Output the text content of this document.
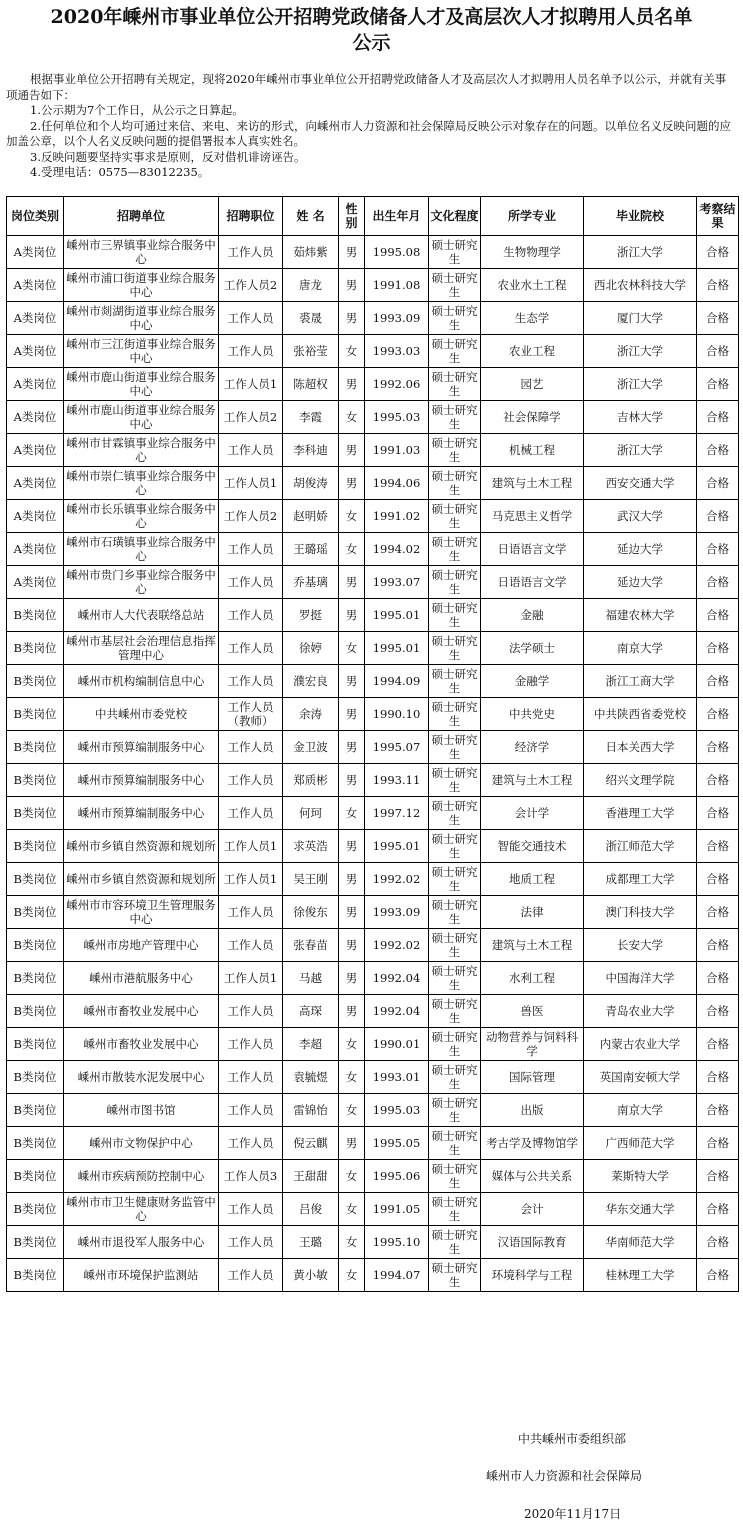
2020年嵊州市事业单位公开招聘党政储备人才及高层次人才拟聘用人员名单
公示

根据事业单位公开招聘有关规定，现将2020年嵊州市事业单位公开招聘党政储备人才及高层次人才拟聘用人员名单予以公示，并就有关事项通告如下：

1.公示期为7个工作日，从公示之日算起。

2.任何单位和个人均可通过来信、来电、来访的形式，向嵊州市人力资源和社会保障局反映公示对象存在的问题。以单位名义反映问题的应加盖公章，以个人名义反映问题的提倡署报本人真实姓名。

3.反映问题要坚持实事求是原则，反对借机诽谤诬告。

4.受理电话：0575—83012235。

岗位类别	招聘单位	招聘职位	姓 名	性别	出生年月	文化程度	所学专业	毕业院校	考察结果
A类岗位	嵊州市三界镇事业综合服务中心	工作人员	茹炜紫	男	1995.08	硕士研究生	生物物理学	浙江大学	合格
A类岗位	嵊州市浦口街道事业综合服务中心	工作人员2	唐龙	男	1991.08	硕士研究生	农业水土工程	西北农林科技大学	合格
A类岗位	嵊州市剡湖街道事业综合服务中心	工作人员	裘晟	男	1993.09	硕士研究生	生态学	厦门大学	合格
A类岗位	嵊州市三江街道事业综合服务中心	工作人员	张裕莹	女	1993.03	硕士研究生	农业工程	浙江大学	合格
A类岗位	嵊州市鹿山街道事业综合服务中心	工作人员1	陈超权	男	1992.06	硕士研究生	园艺	浙江大学	合格
A类岗位	嵊州市鹿山街道事业综合服务中心	工作人员2	李霞	女	1995.03	硕士研究生	社会保障学	吉林大学	合格
A类岗位	嵊州市甘霖镇事业综合服务中心	工作人员	李科迪	男	1991.03	硕士研究生	机械工程	浙江大学	合格
A类岗位	嵊州市崇仁镇事业综合服务中心	工作人员1	胡俊涛	男	1994.06	硕士研究生	建筑与土木工程	西安交通大学	合格
A类岗位	嵊州市长乐镇事业综合服务中心	工作人员2	赵明娇	女	1991.02	硕士研究生	马克思主义哲学	武汉大学	合格
A类岗位	嵊州市石璜镇事业综合服务中心	工作人员	王璐瑶	女	1994.02	硕士研究生	日语语言文学	延边大学	合格
A类岗位	嵊州市贵门乡事业综合服务中心	工作人员	乔基璃	男	1993.07	硕士研究生	日语语言文学	延边大学	合格
B类岗位	嵊州市人大代表联络总站	工作人员	罗挺	男	1995.01	硕士研究生	金融	福建农林大学	合格
B类岗位	嵊州市基层社会治理信息指挥管理中心	工作人员	徐婷	女	1995.01	硕士研究生	法学硕士	南京大学	合格
B类岗位	嵊州市机构编制信息中心	工作人员	濮宏良	男	1994.09	硕士研究生	金融学	浙江工商大学	合格
B类岗位	中共嵊州市委党校	工作人员（教师）	余涛	男	1990.10	硕士研究生	中共党史	中共陕西省委党校	合格
B类岗位	嵊州市预算编制服务中心	工作人员	金卫波	男	1995.07	硕士研究生	经济学	日本关西大学	合格
B类岗位	嵊州市预算编制服务中心	工作人员	郑质彬	男	1993.11	硕士研究生	建筑与土木工程	绍兴文理学院	合格
B类岗位	嵊州市预算编制服务中心	工作人员	何珂	女	1997.12	硕士研究生	会计学	香港理工大学	合格
B类岗位	嵊州市乡镇自然资源和规划所	工作人员1	求英浩	男	1995.01	硕士研究生	智能交通技术	浙江师范大学	合格
B类岗位	嵊州市乡镇自然资源和规划所	工作人员1	吴王刚	男	1992.02	硕士研究生	地质工程	成都理工大学	合格
B类岗位	嵊州市市容环境卫生管理服务中心	工作人员	徐俊东	男	1993.09	硕士研究生	法律	澳门科技大学	合格
B类岗位	嵊州市房地产管理中心	工作人员	张春苗	男	1992.02	硕士研究生	建筑与土木工程	长安大学	合格
B类岗位	嵊州市港航服务中心	工作人员1	马越	男	1992.04	硕士研究生	水利工程	中国海洋大学	合格
B类岗位	嵊州市畜牧业发展中心	工作人员	高琛	男	1992.04	硕士研究生	兽医	青岛农业大学	合格
B类岗位	嵊州市畜牧业发展中心	工作人员	李超	女	1990.01	硕士研究生	动物营养与饲料科学	内蒙古农业大学	合格
B类岗位	嵊州市散装水泥发展中心	工作人员	袁毓煜	女	1993.01	硕士研究生	国际管理	英国南安顿大学	合格
B类岗位	嵊州市图书馆	工作人员	雷锦怡	女	1995.03	硕士研究生	出版	南京大学	合格
B类岗位	嵊州市文物保护中心	工作人员	倪云麒	男	1995.05	硕士研究生	考古学及博物馆学	广西师范大学	合格
B类岗位	嵊州市疾病预防控制中心	工作人员3	王甜甜	女	1995.06	硕士研究生	媒体与公共关系	莱斯特大学	合格
B类岗位	嵊州市市卫生健康财务监管中心	工作人员	吕俊	女	1991.05	硕士研究生	会计	华东交通大学	合格
B类岗位	嵊州市退役军人服务中心	工作人员	王璐	女	1995.10	硕士研究生	汉语国际教育	华南师范大学	合格
B类岗位	嵊州市环境保护监测站	工作人员	黄小敏	女	1994.07	硕士研究生	环境科学与工程	桂林理工大学	合格
中共嵊州市委组织部
嵊州市人力资源和社会保障局
2020年11月17日
